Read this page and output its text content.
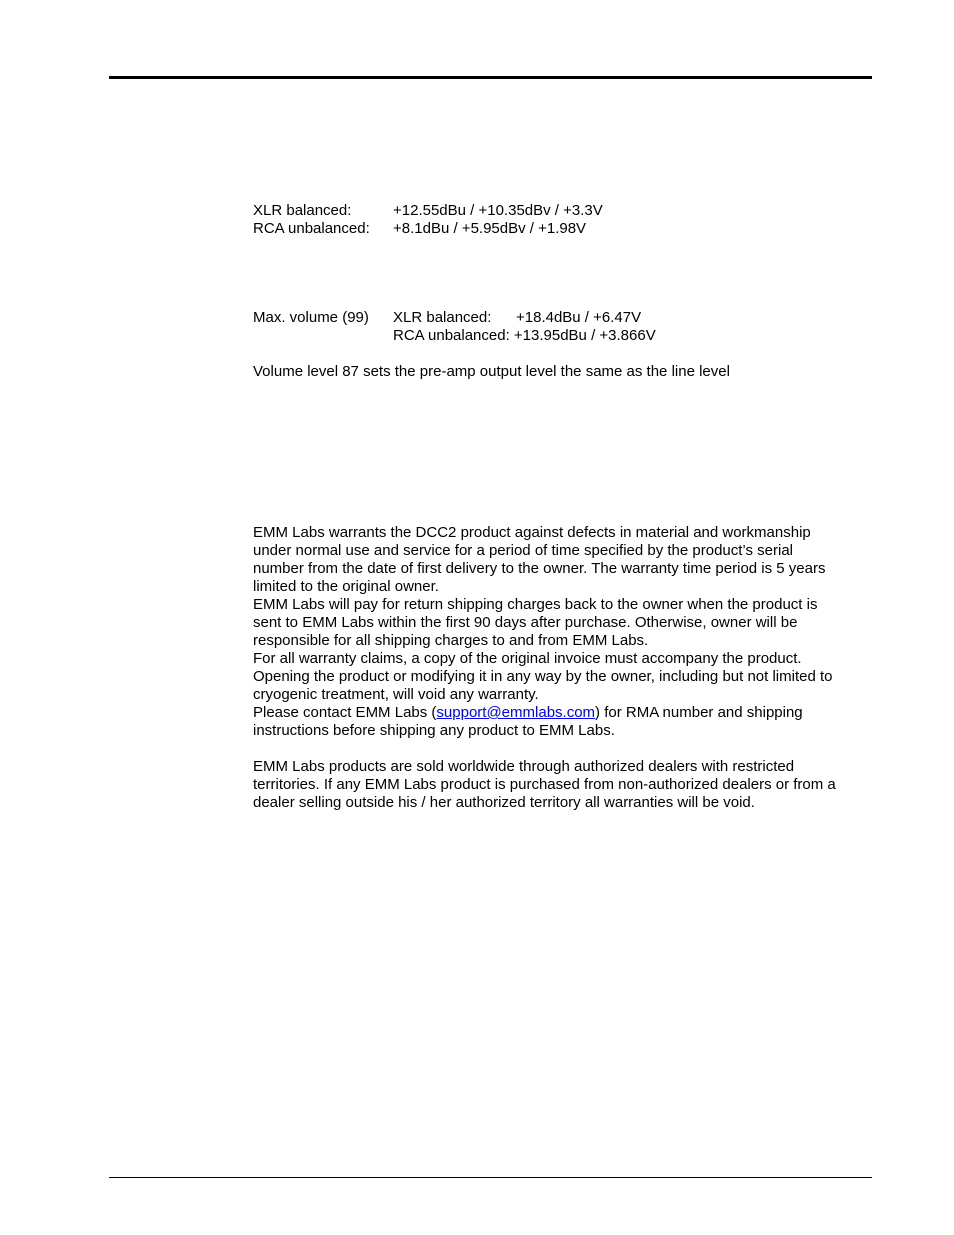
XLR balanced:	+12.55dBu / +10.35dBv / +3.3V
RCA unbalanced: +8.1dBu / +5.95dBv / +1.98V
Max. volume (99) XLR balanced: +18.4dBu / +6.47V
RCA unbalanced: +13.95dBu / +3.866V
Volume level 87 sets the pre-amp output level the same as the line level
EMM Labs warrants the DCC2 product against defects in material and workmanship
under normal use and service for a period of time specified by the product’s serial
number from the date of first delivery to the owner. The warranty time period is 5 years
limited to the original owner.
EMM Labs will pay for return shipping charges back to the owner when the product is
sent to EMM Labs within the first 90 days after purchase. Otherwise, owner will be
responsible for all shipping charges to and from EMM Labs.
For all warranty claims, a copy of the original invoice must accompany the product.
Opening the product or modifying it in any way by the owner, including but not limited to
cryogenic treatment, will void any warranty.
Please contact EMM Labs (support@emmlabs.com) for RMA number and shipping
instructions before shipping any product to EMM Labs.
EMM Labs products are sold worldwide through authorized dealers with restricted
territories. If any EMM Labs product is purchased from non-authorized dealers or from a
dealer selling outside his / her authorized territory all warranties will be void.
